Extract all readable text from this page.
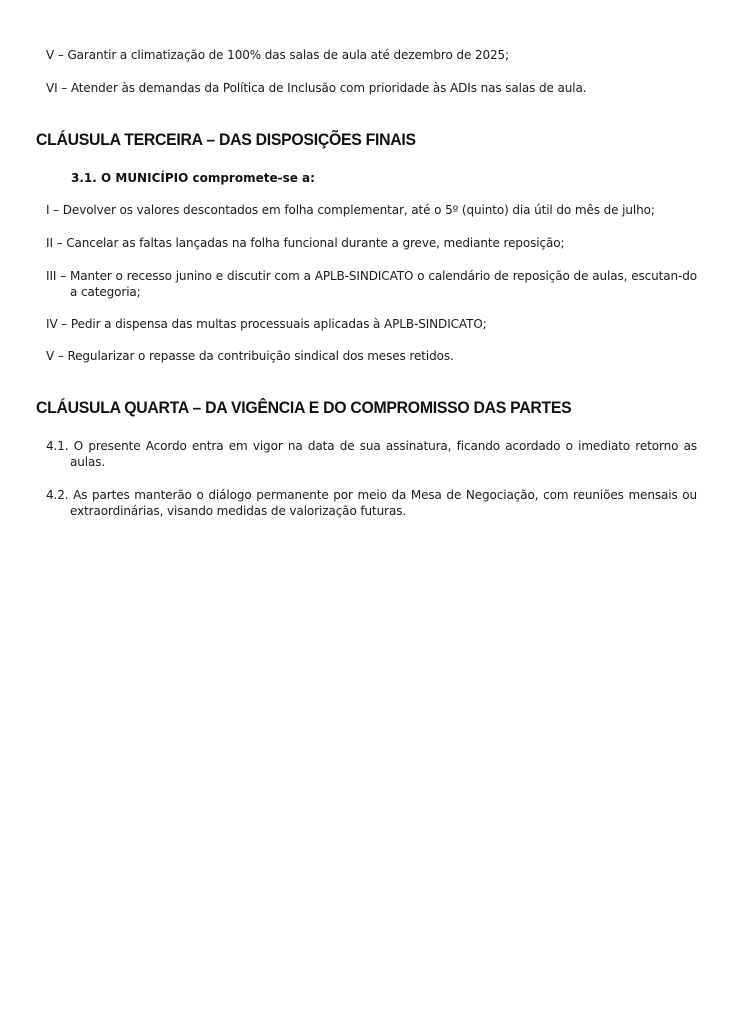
V – Garantir a climatização de 100% das salas de aula até dezembro de 2025;

VI – Atender às demandas da Política de Inclusão com prioridade às ADIs nas salas de aula.

CLÁUSULA TERCEIRA – DAS DISPOSIÇÕES FINAIS

3.1. O MUNICÍPIO compromete-se a:

I – Devolver os valores descontados em folha complementar, até o 5º (quinto) dia útil do mês de julho;

II – Cancelar as faltas lançadas na folha funcional durante a greve, mediante reposição;

III – Manter o recesso junino e discutir com a APLB-SINDICATO o calendário de reposição de aulas, escutan-do a categoria;

IV – Pedir a dispensa das multas processuais aplicadas à APLB-SINDICATO;

V – Regularizar o repasse da contribuição sindical dos meses retidos.

CLÁUSULA QUARTA – DA VIGÊNCIA E DO COMPROMISSO DAS PARTES

4.1. O presente Acordo entra em vigor na data de sua assinatura, ficando acordado o imediato retorno as aulas.

4.2. As partes manterão o diálogo permanente por meio da Mesa de Negociação, com reuniões mensais ou extraordinárias, visando medidas de valorização futuras.
